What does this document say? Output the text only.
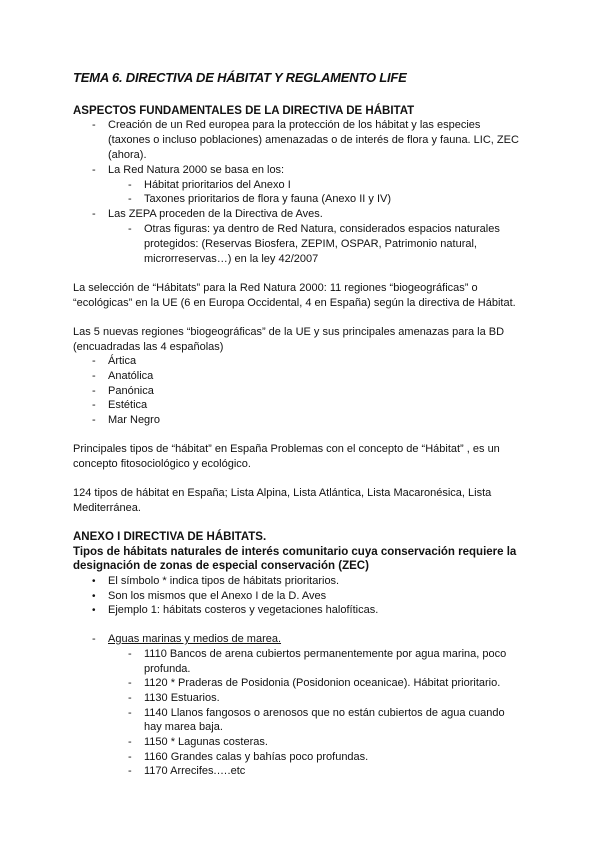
TEMA 6. DIRECTIVA DE HÁBITAT Y REGLAMENTO LIFE
ASPECTOS FUNDAMENTALES DE LA DIRECTIVA DE HÁBITAT
-	Creación de un Red europea para la protección de los hábitat y las especies
(taxones o incluso poblaciones) amenazadas o de interés de flora y fauna. LIC, ZEC
(ahora).
-	La Red Natura 2000 se basa en los:
-	Hábitat prioritarios del Anexo I
-	Taxones prioritarios de flora y fauna (Anexo II y IV)
-	Las ZEPA proceden de la Directiva de Aves.
-	Otras figuras: ya dentro de Red Natura, considerados espacios naturales
protegidos: (Reservas Biosfera, ZEPIM, OSPAR, Patrimonio natural,
microrreservas…) en la ley 42/2007
La selección de “Hábitats” para la Red Natura 2000: 11 regiones “biogeográficas” o
“ecológicas” en la UE (6 en Europa Occidental, 4 en España) según la directiva de Hábitat.
Las 5 nuevas regiones “biogeográficas” de la UE y sus principales amenazas para la BD
(encuadradas las 4 españolas)
-	Ártica
-	Anatólica
-	Panónica
-	Estética
-	Mar Negro
Principales tipos de “hábitat” en España Problemas con el concepto de “Hábitat” , es un
concepto fitosociológico y ecológico.
124 tipos de hábitat en España; Lista Alpina, Lista Atlántica, Lista Macaronésica, Lista
Mediterránea.
ANEXO I DIRECTIVA DE HÁBITATS.
Tipos de hábitats naturales de interés comunitario cuya conservación requiere la
designación de zonas de especial conservación (ZEC)
• El símbolo * indica tipos de hábitats prioritarios.
• Son los mismos que el Anexo I de la D. Aves
• Ejemplo 1: hábitats costeros y vegetaciones halofíticas.
-	Aguas marinas y medios de marea.
-	1110 Bancos de arena cubiertos permanentemente por agua marina, poco
profunda.
-	1120 * Praderas de Posidonia (Posidonion oceanicae). Hábitat prioritario.
-	1130 Estuarios.
-	1140 Llanos fangosos o arenosos que no están cubiertos de agua cuando
hay marea baja.
-	1150 * Lagunas costeras.
-	1160 Grandes calas y bahías poco profundas.
-	1170 Arrecifes.….etc
